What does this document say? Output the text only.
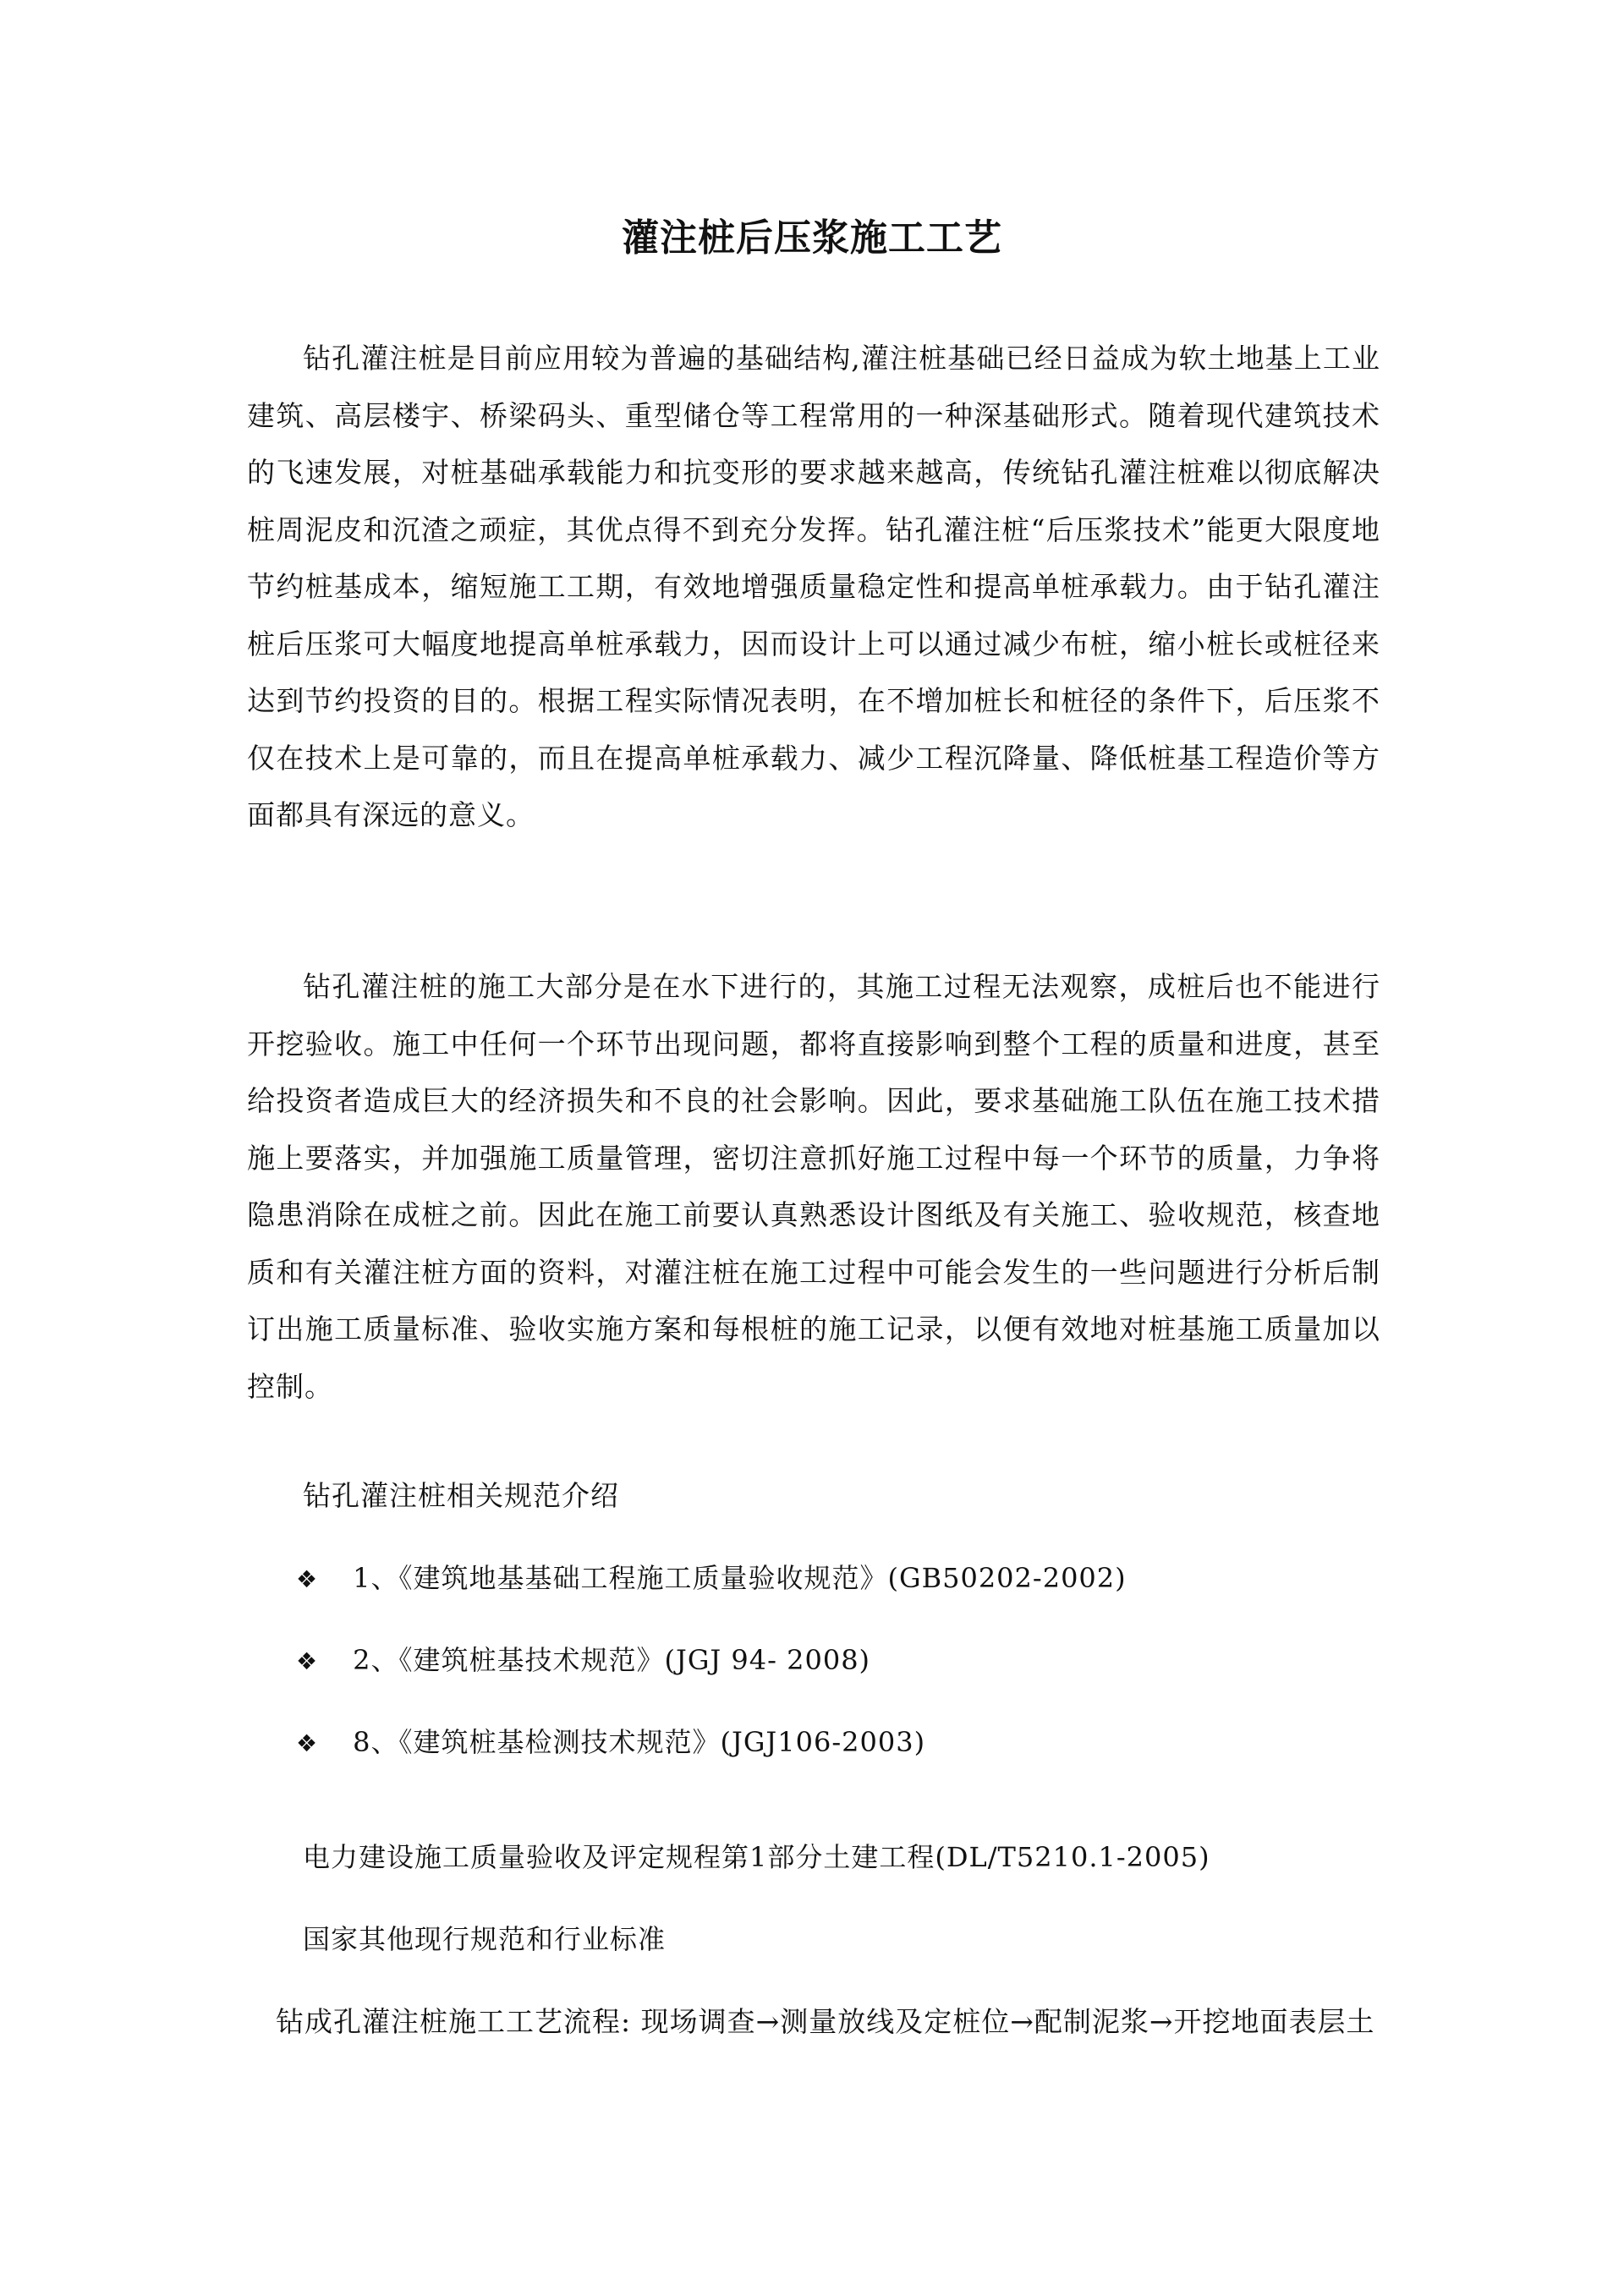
灌注桩后压浆施工工艺

钻孔灌注桩是目前应用较为普遍的基础结构,灌注桩基础已经日益成为软土地基上工业建筑、高层楼宇、桥梁码头、重型储仓等工程常用的一种深基础形式。随着现代建筑技术的飞速发展，对桩基础承载能力和抗变形的要求越来越高，传统钻孔灌注桩难以彻底解决桩周泥皮和沉渣之顽症，其优点得不到充分发挥。钻孔灌注桩“后压浆技术”能更大限度地节约桩基成本，缩短施工工期，有效地增强质量稳定性和提高单桩承载力。由于钻孔灌注桩后压浆可大幅度地提高单桩承载力，因而设计上可以通过减少布桩，缩小桩长或桩径来达到节约投资的目的。根据工程实际情况表明，在不增加桩长和桩径的条件下，后压浆不仅在技术上是可靠的，而且在提高单桩承载力、减少工程沉降量、降低桩基工程造价等方面都具有深远的意义。

钻孔灌注桩的施工大部分是在水下进行的，其施工过程无法观察，成桩后也不能进行开挖验收。施工中任何一个环节出现问题，都将直接影响到整个工程的质量和进度，甚至给投资者造成巨大的经济损失和不良的社会影响。因此，要求基础施工队伍在施工技术措施上要落实，并加强施工质量管理，密切注意抓好施工过程中每一个环节的质量，力争将隐患消除在成桩之前。因此在施工前要认真熟悉设计图纸及有关施工、验收规范，核查地质和有关灌注桩方面的资料，对灌注桩在施工过程中可能会发生的一些问题进行分析后制订出施工质量标准、验收实施方案和每根桩的施工记录，以便有效地对桩基施工质量加以控制。

钻孔灌注桩相关规范介绍

❖ 1、《建筑地基基础工程施工质量验收规范》(GB50202-2002)
❖ 2、《建筑桩基技术规范》(JGJ 94- 2008)
❖ 8、《建筑桩基检测技术规范》(JGJ106-2003)

电力建设施工质量验收及评定规程第1部分土建工程(DL/T5210.1-2005)

国家其他现行规范和行业标准

钻成孔灌注桩施工工艺流程: 现场调查→测量放线及定桩位→配制泥浆→开挖地面表层土
